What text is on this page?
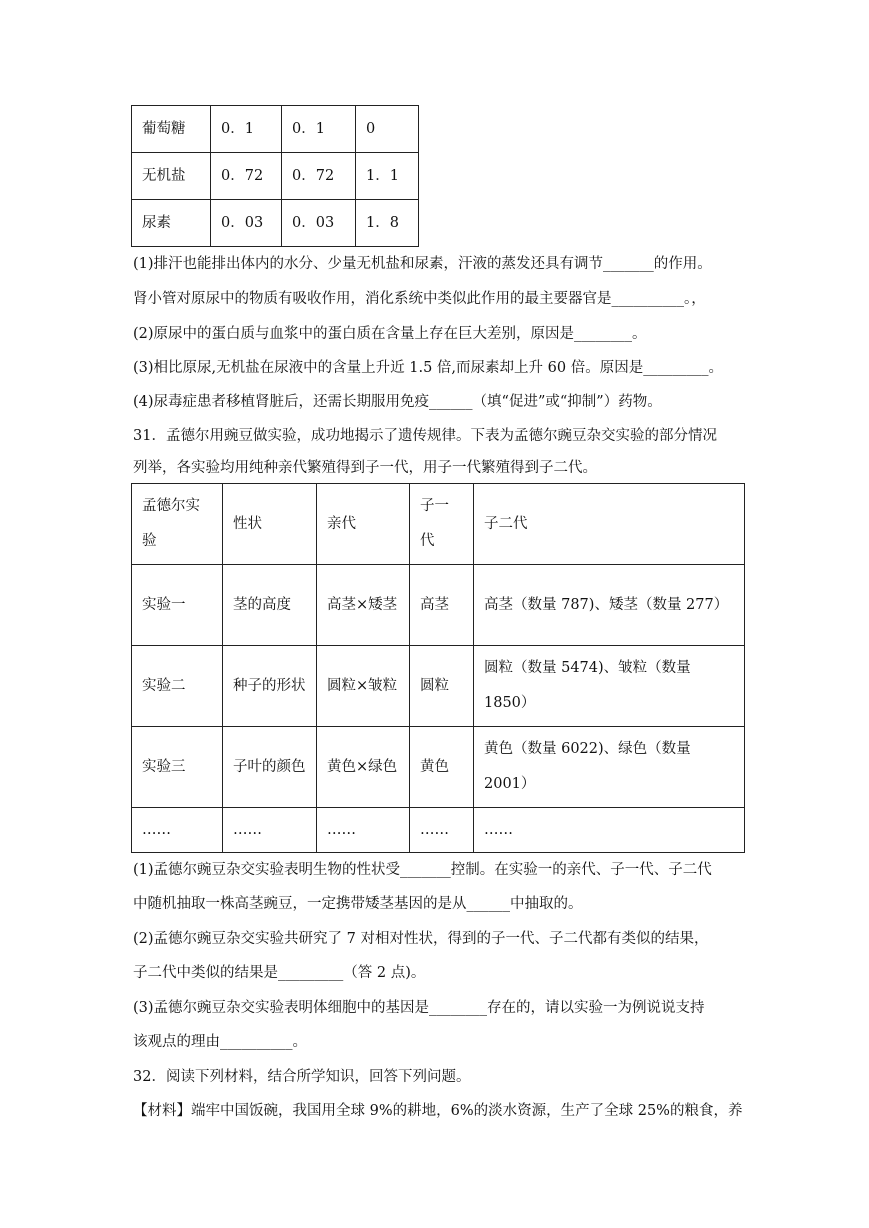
葡萄糖	0．1	0．1	0
无机盐	0．72	0．72	1．1
尿素	0．03	0．03	1．8
(1)排汗也能排出体内的水分、少量无机盐和尿素，汗液的蒸发还具有调节_______的作用。
肾小管对原尿中的物质有吸收作用，消化系统中类似此作用的最主要器官是__________。，
(2)原尿中的蛋白质与血浆中的蛋白质在含量上存在巨大差别，原因是________。
(3)相比原尿,无机盐在尿液中的含量上升近 1.5 倍,而尿素却上升 60 倍。原因是_________。
(4)尿毒症患者移植肾脏后，还需长期服用免疫______（填“促进”或“抑制”）药物。
31．孟德尔用豌豆做实验，成功地揭示了遗传规律。下表为孟德尔豌豆杂交实验的部分情况
列举，各实验均用纯种亲代繁殖得到子一代，用子一代繁殖得到子二代。
孟德尔实验	性状	亲代	子一代	子二代
实验一	茎的高度	高茎×矮茎	高茎	高茎（数量 787)、矮茎（数量 277）
实验二	种子的形状	圆粒×皱粒	圆粒	圆粒（数量 5474)、皱粒（数量 1850）
实验三	子叶的颜色	黄色×绿色	黄色	黄色（数量 6022)、绿色（数量 2001）
……	……	……	……	……
(1)孟德尔豌豆杂交实验表明生物的性状受_______控制。在实验一的亲代、子一代、子二代
中随机抽取一株高茎豌豆，一定携带矮茎基因的是从______中抽取的。
(2)孟德尔豌豆杂交实验共研究了 7 对相对性状，得到的子一代、子二代都有类似的结果，
子二代中类似的结果是_________（答 2 点)。
(3)孟德尔豌豆杂交实验表明体细胞中的基因是________存在的，请以实验一为例说说支持
该观点的理由__________。
32．阅读下列材料，结合所学知识，回答下列问题。
【材料】端牢中国饭碗，我国用全球 9%的耕地，6%的淡水资源，生产了全球 25%的粮食，养
